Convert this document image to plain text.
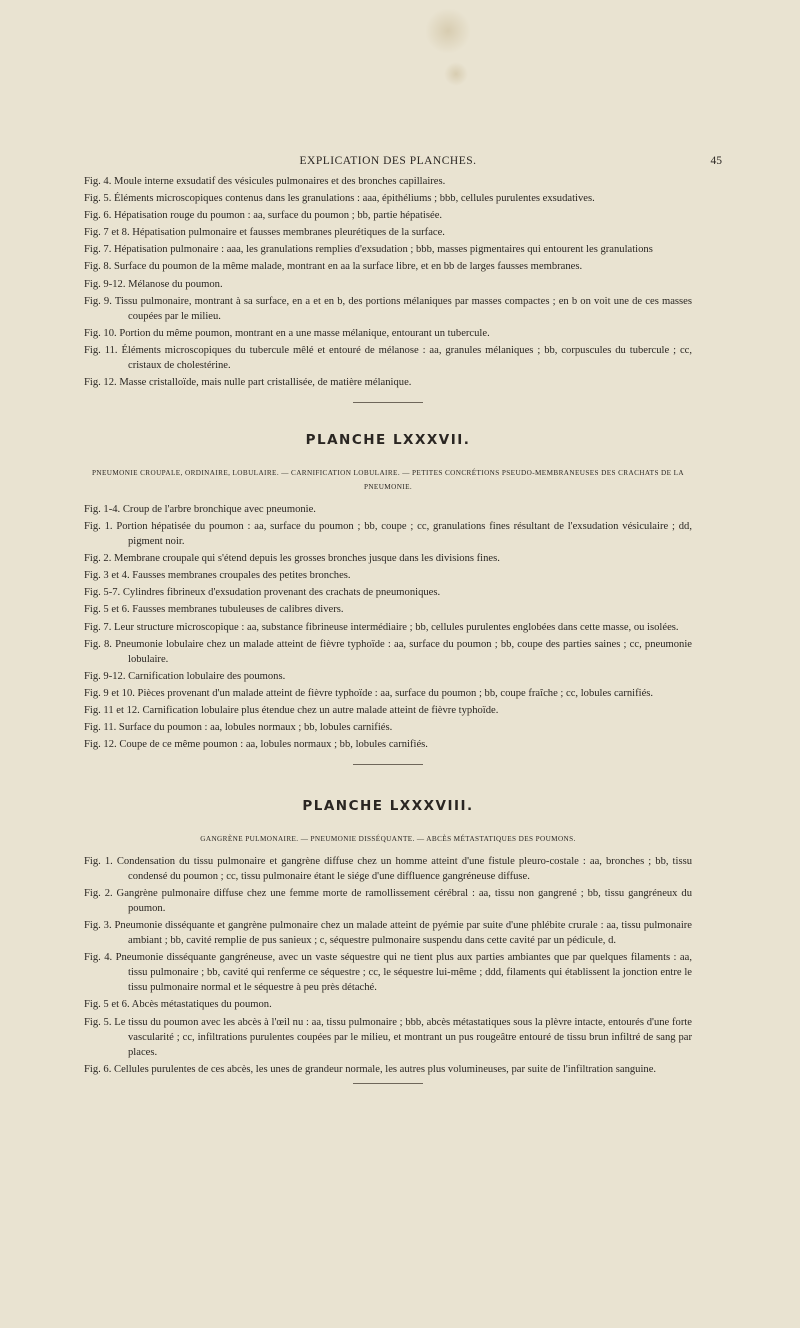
EXPLICATION DES PLANCHES.	45

Fig. 4. Moule interne exsudatif des vésicules pulmonaires et des bronches capillaires.

Fig. 5. Éléments microscopiques contenus dans les granulations : aaa, épithéliums ; bbb, cellules purulentes exsudatives.

Fig. 6. Hépatisation rouge du poumon : aa, surface du poumon ; bb, partie hépatisée.

Fig. 7 et 8. Hépatisation pulmonaire et fausses membranes pleurétiques de la surface.

Fig. 7. Hépatisation pulmonaire : aaa, les granulations remplies d'exsudation ; bbb, masses pigmentaires qui entourent les granulations

Fig. 8. Surface du poumon de la même malade, montrant en aa la surface libre, et en bb de larges fausses membranes.

Fig. 9-12. Mélanose du poumon.

Fig. 9. Tissu pulmonaire, montrant à sa surface, en a et en b, des portions mélaniques par masses compactes ; en b on voit une de ces masses coupées par le milieu.

Fig. 10. Portion du même poumon, montrant en a une masse mélanique, entourant un tubercule.

Fig. 11. Éléments microscopiques du tubercule mêlé et entouré de mélanose : aa, granules mélaniques ; bb, corpuscules du tubercule ; cc, cristaux de cholestérine.

Fig. 12. Masse cristalloïde, mais nulle part cristallisée, de matière mélanique.

PLANCHE LXXXVII.
PNEUMONIE CROUPALE, ORDINAIRE, LOBULAIRE. — CARNIFICATION LOBULAIRE. — PETITES CONCRÉTIONS PSEUDO-MEMBRANEUSES DES CRACHATS DE LA PNEUMONIE.

Fig. 1-4. Croup de l'arbre bronchique avec pneumonie.

Fig. 1. Portion hépatisée du poumon : aa, surface du poumon ; bb, coupe ; cc, granulations fines résultant de l'exsudation vésiculaire ; dd, pigment noir.

Fig. 2. Membrane croupale qui s'étend depuis les grosses bronches jusque dans les divisions fines.

Fig. 3 et 4. Fausses membranes croupales des petites bronches.

Fig. 5-7. Cylindres fibrineux d'exsudation provenant des crachats de pneumoniques.

Fig. 5 et 6. Fausses membranes tubuleuses de calibres divers.

Fig. 7. Leur structure microscopique : aa, substance fibrineuse intermédiaire ; bb, cellules purulentes englobées dans cette masse, ou isolées.

Fig. 8. Pneumonie lobulaire chez un malade atteint de fièvre typhoïde : aa, surface du poumon ; bb, coupe des parties saines ; cc, pneumonie lobulaire.

Fig. 9-12. Carnification lobulaire des poumons.

Fig. 9 et 10. Pièces provenant d'un malade atteint de fièvre typhoïde : aa, surface du poumon ; bb, coupe fraîche ; cc, lobules carnifiés.

Fig. 11 et 12. Carnification lobulaire plus étendue chez un autre malade atteint de fièvre typhoïde.

Fig. 11. Surface du poumon : aa, lobules normaux ; bb, lobules carnifiés.

Fig. 12. Coupe de ce même poumon : aa, lobules normaux ; bb, lobules carnifiés.

PLANCHE LXXXVIII.
GANGRÈNE PULMONAIRE. — PNEUMONIE DISSÉQUANTE. — ABCÈS MÉTASTATIQUES DES POUMONS.

Fig. 1. Condensation du tissu pulmonaire et gangrène diffuse chez un homme atteint d'une fistule pleuro-costale : aa, bronches ; bb, tissu condensé du poumon ; cc, tissu pulmonaire étant le siége d'une diffluence gangréneuse diffuse.

Fig. 2. Gangrène pulmonaire diffuse chez une femme morte de ramollissement cérébral : aa, tissu non gangrené ; bb, tissu gangréneux du poumon.

Fig. 3. Pneumonie disséquante et gangrène pulmonaire chez un malade atteint de pyémie par suite d'une phlébite crurale : aa, tissu pulmonaire ambiant ; bb, cavité remplie de pus sanieux ; c, séquestre pulmonaire suspendu dans cette cavité par un pédicule, d.

Fig. 4. Pneumonie disséquante gangréneuse, avec un vaste séquestre qui ne tient plus aux parties ambiantes que par quelques filaments : aa, tissu pulmonaire ; bb, cavité qui renferme ce séquestre ; cc, le séquestre lui-même ; ddd, filaments qui établissent la jonction entre le tissu pulmonaire normal et le séquestre à peu près détaché.

Fig. 5 et 6. Abcès métastatiques du poumon.

Fig. 5. Le tissu du poumon avec les abcès à l'œil nu : aa, tissu pulmonaire ; bbb, abcès métastatiques sous la plèvre intacte, entourés d'une forte vascularité ; cc, infiltrations purulentes coupées par le milieu, et montrant un pus rougeâtre entouré de tissu brun infiltré de sang par places.

Fig. 6. Cellules purulentes de ces abcès, les unes de grandeur normale, les autres plus volumineuses, par suite de l'infiltration sanguine.
